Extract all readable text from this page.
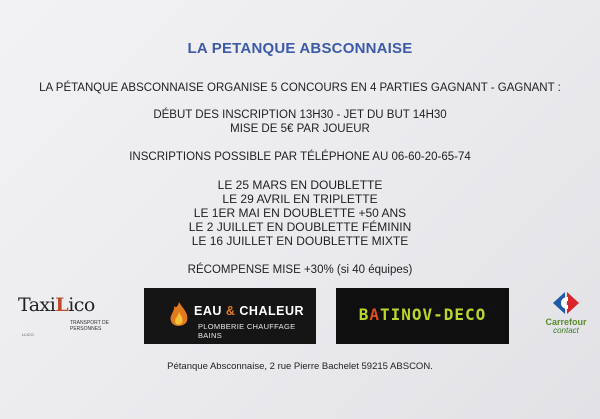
LA PETANQUE ABSCONNAISE
LA PÉTANQUE ABSCONNAISE ORGANISE 5 CONCOURS EN 4 PARTIES GAGNANT - GAGNANT :
DÉBUT DES INSCRIPTION 13H30 - JET DU BUT 14H30
MISE DE 5€ PAR JOUEUR
INSCRIPTIONS POSSIBLE PAR TÉLÉPHONE AU 06-60-20-65-74
LE 25 MARS EN DOUBLETTE
LE 29 AVRIL EN TRIPLETTE
LE 1ER MAI EN DOUBLETTE +50 ANS
LE 2 JUILLET EN DOUBLETTE FÉMININ
LE 16 JUILLET EN DOUBLETTE MIXTE
RÉCOMPENSE MISE +30% (si 40 équipes)
TaxiLico
TRANSPORT DE PERSONNES
LLICO
EAU & CHALEUR
PLOMBERIE CHAUFFAGE BAINS
BATINOV-DECO	Carrefour
contact
Pétanque Absconnaise, 2 rue Pierre Bachelet 59215 ABSCON.
